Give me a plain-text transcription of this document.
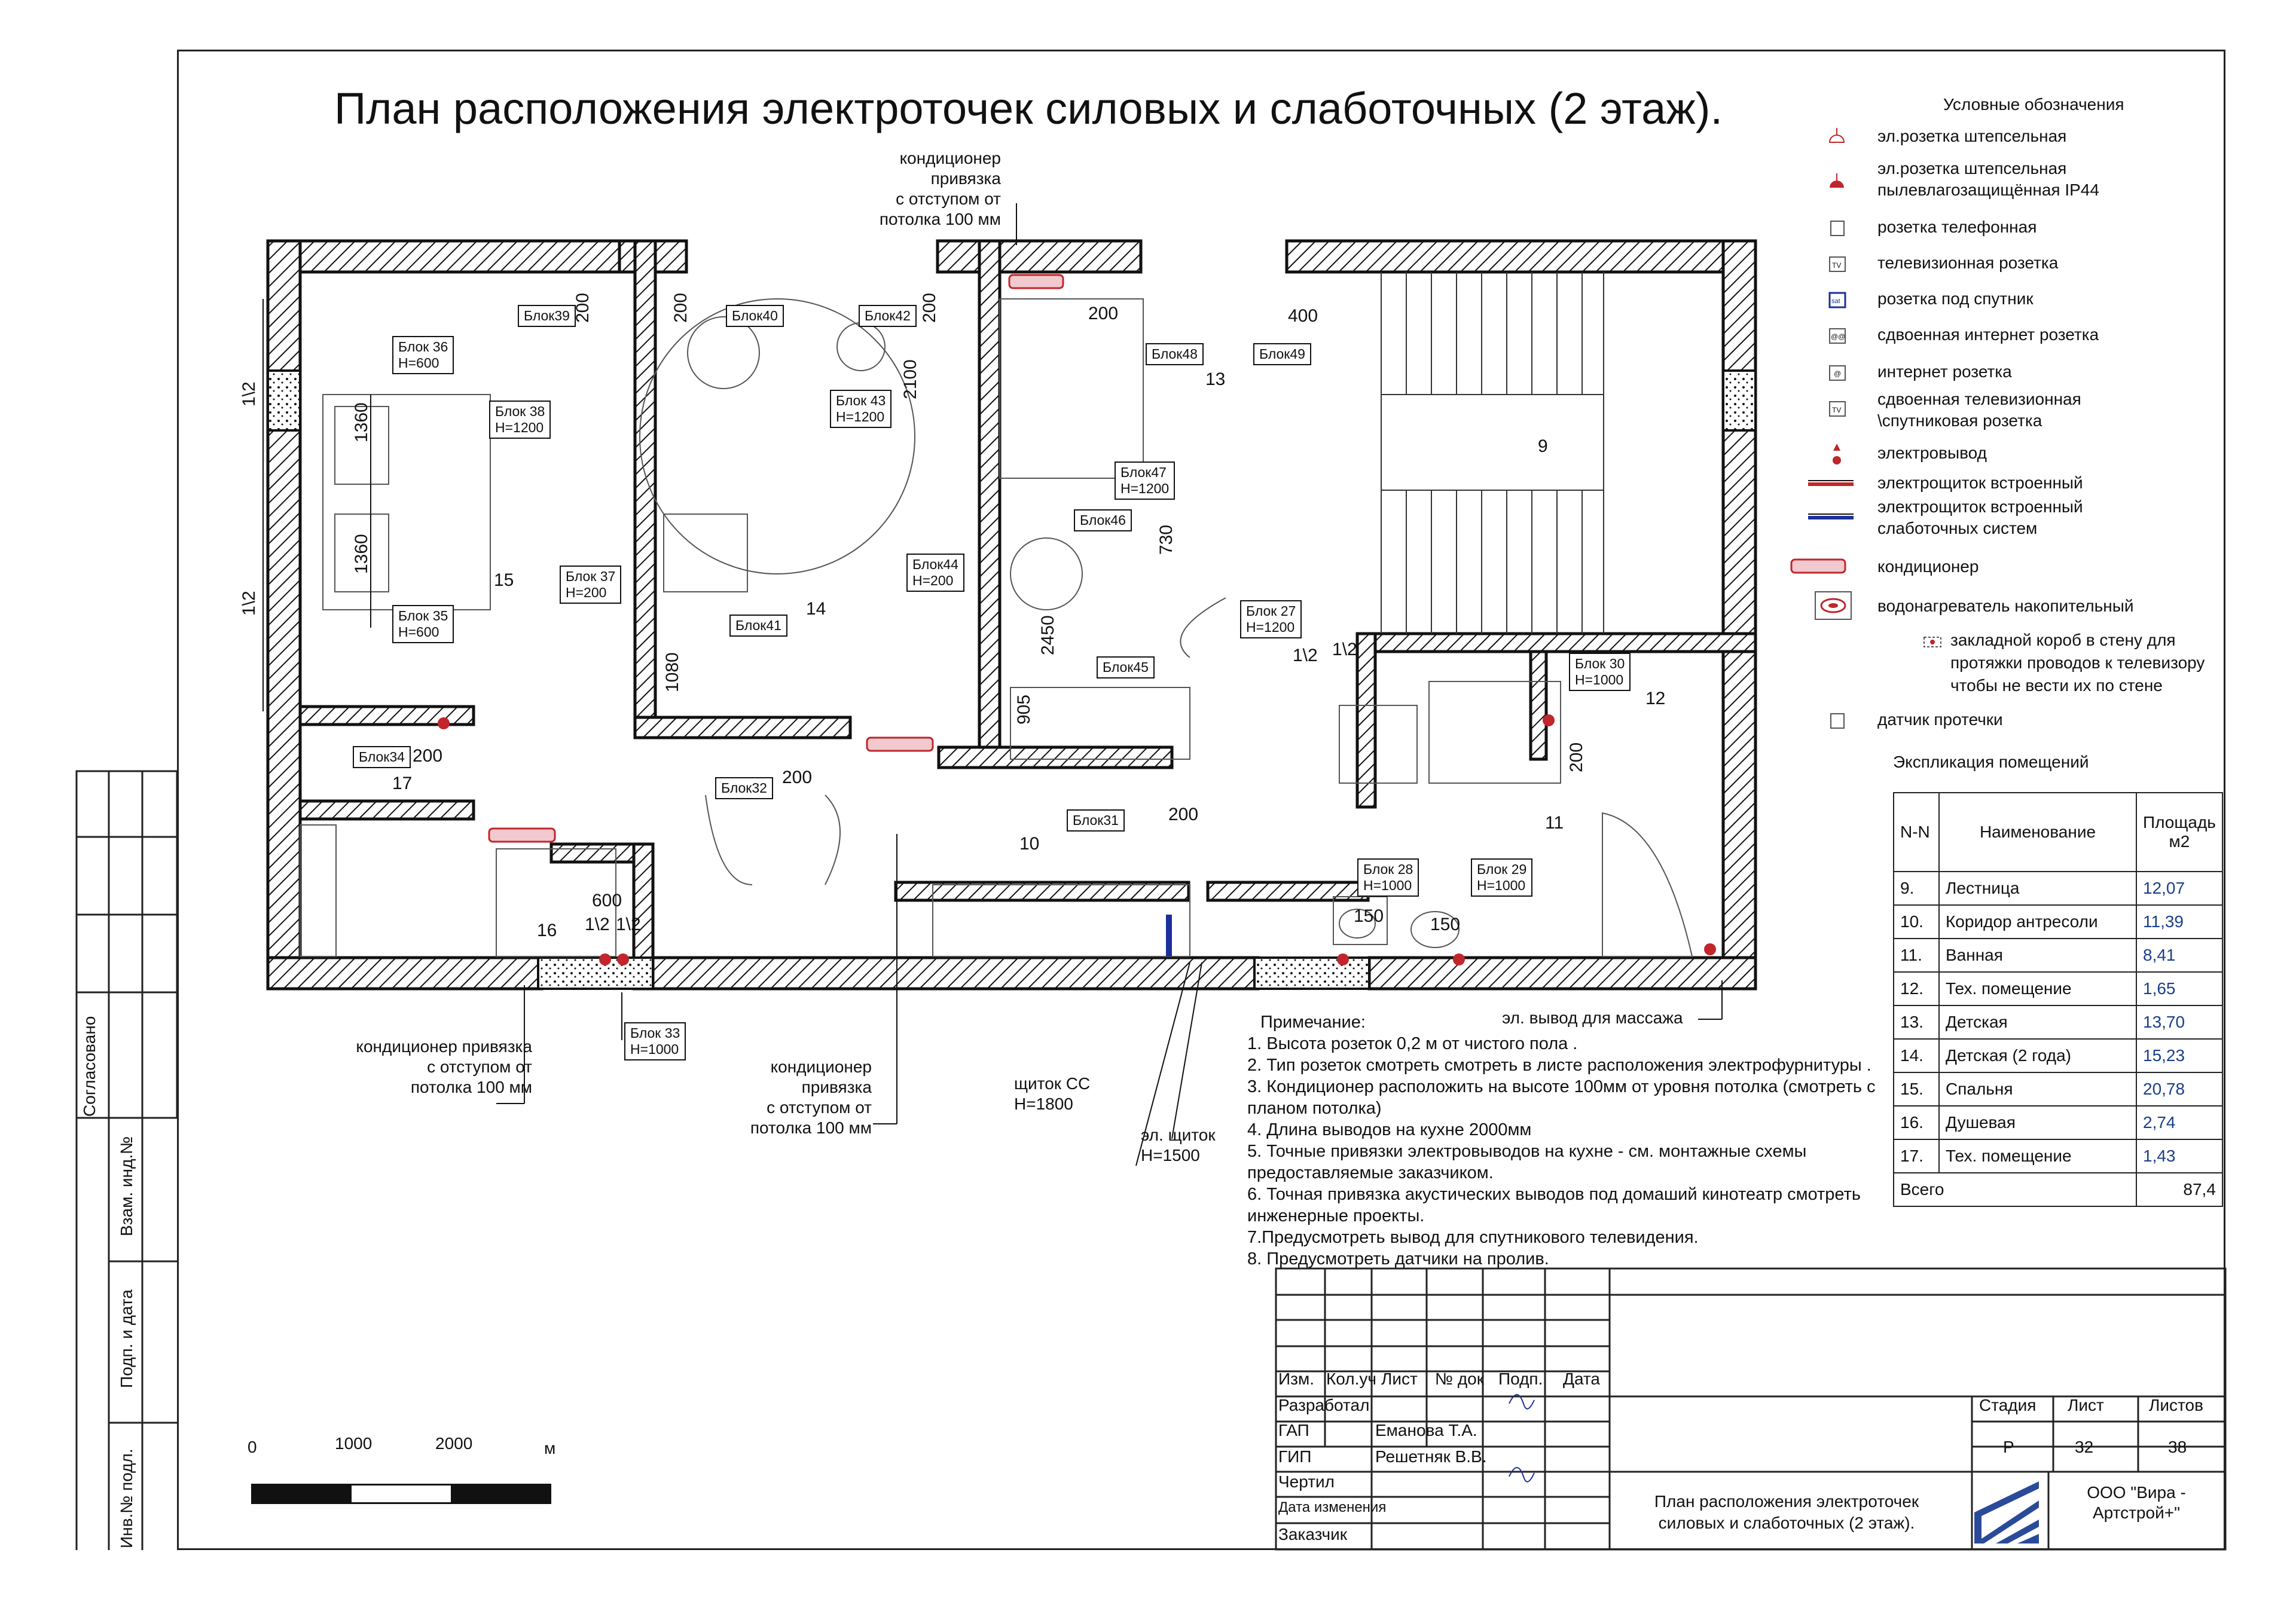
План расположения электроточек силовых и слаботочных (2 этаж).
9
10
11
12
13
14
15
16
17
Блок39	Блок40	Блок42
Блок48	Блок49
Блок 36
Н=600
Блок 38
Н=1200
Блок 43
Н=1200
Блок47
Н=1200
Блок46
Блок 37
Н=200
Блок 35
Н=600
Блок44
Н=200
Блок41
Блок 27
Н=1200
Блок45	Блок 30
Н=1000
Блок34
Блок32
Блок31
Блок 28
Н=1000
Блок 29
Н=1000
Блок 33
Н=1000
200	200	200	200	400
2100
1360
1360	730
1080
2450
905
200
200
200
200
600
150	150
1\2
1\2
1\2 1\2
1\2 1\2
кондиционер привязка
с отступом от
потолка 100 мм
кондиционер привязка
с отступом от
потолка 100 мм
кондиционер привязка
с отступом от
потолка 100 мм
щиток СС
Н=1800
эл. щиток
Н=1500
эл. вывод для массажа
Условные обозначения
эл.розетка штепсельная
эл.розетка штепсельная пылевлагозащищённая IP44
розетка телефонная
TV телевизионная розетка
sat розетка под спутник
@@ сдвоенная интернет розетка
@ интернет розетка
TV
сдвоенная телевизионная \спутниковая розетка
электровывод
электрощиток встроенный
электрощиток встроенный слаботочных систем
кондиционер
водонагреватель накопительный
закладной короб в стену для протяжки проводов к телевизору чтобы не вести их по стене
датчик протечки
Экспликация помещений
N-N	Наименование	Площадь м2
9.	Лестница	12,07
10.	Коридор антресоли	11,39
11.	Ванная	8,41
12.	Тех. помещение	1,65
13.	Детская	13,70
14.	Детская (2 года)	15,23
15.	Спальня	20,78
16.	Душевая	2,74
17.	Тех. помещение	1,43
Всего		87,4
Примечание:
1. Высота розеток 0,2 м от чистого пола .
2. Тип розеток смотреть смотреть в листе расположения электрофурнитуры .
3. Кондиционер расположить на высоте 100мм от уровня потолка (смотреть с
планом потолка)
4. Длина выводов на кухне 2000мм
5. Точные привязки электровыводов на кухне - см. монтажные схемы
предоставляемые заказчиком.
6. Точная привязка акустических выводов под домаший кинотеатр смотреть
инженерные проекты.
7.Предусмотреть вывод для спутникового телевидения.
8. Предусмотреть датчики на пролив.
0	1000	2000	м
Согласовано
Взам. инд.№
Подп. и дата
Инв.№ подл.
Изм. Кол.уч Лист № док Подп. Дата
Разработал
ГАП	Еманова Т.А.
ГИП	Решетняк В.В.
Чертил
Дата изменения
Заказчик
Стадия Лист	Листов
Р	32	38
План расположения электроточек силовых и слаботочных (2 этаж).
ООО "Вира - Артстрой+"
